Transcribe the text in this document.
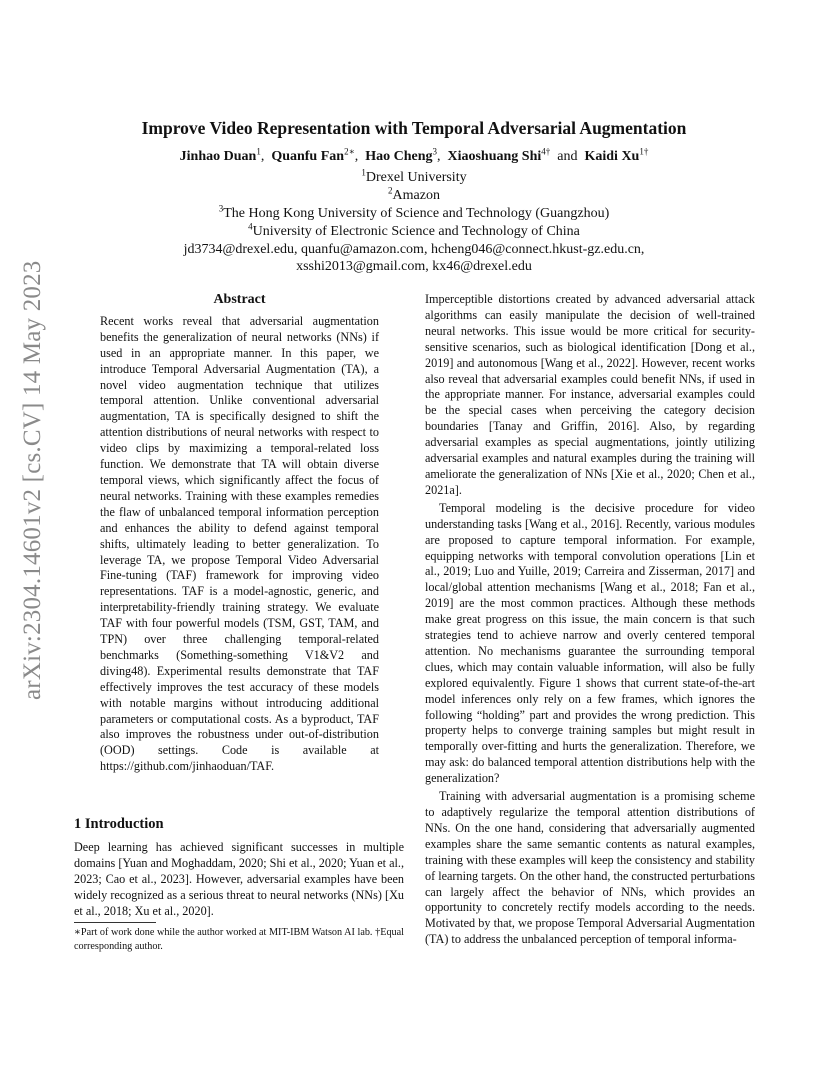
arXiv:2304.14601v2 [cs.CV] 14 May 2023
Improve Video Representation with Temporal Adversarial Augmentation
Jinhao Duan$^1$, Quanfu Fan$^{2∗}$, Hao Cheng$^3$, Xiaoshuang Shi$^{4\dagger}$ and Kaidi $Xu^{1\dagger}$
$^1$Drexel University
$^2$Amazon
$^3$The Hong Kong University of Science and Technology (Guangzhou)
$^4$University of Electronic Science and Technology of China
jd3734@drexel.edu, quanfu@amazon.com, hcheng046@connect.hkust-gz.edu.cn,
xsshi2013@gmail.com, kx46@drexel.edu
Abstract

Recent works reveal that adversarial augmentation benefits the generalization of neural networks (NNs) if used in an appropriate manner. In this paper, we introduce Temporal Adversarial Augmentation (TA), a novel video augmentation technique that utilizes temporal attention. Unlike conventional adversarial augmentation, TA is specifically designed to shift the attention distributions of neural networks with respect to video clips by maximizing a temporal-related loss function. We demonstrate that TA will obtain diverse temporal views, which significantly affect the focus of neural networks. Training with these examples remedies the flaw of unbalanced temporal information perception and enhances the ability to defend against temporal shifts, ultimately leading to better generalization. To leverage TA, we propose Temporal Video Adversarial Fine-tuning (TAF) framework for improving video representations. TAF is a model-agnostic, generic, and interpretability-friendly training strategy. We evaluate TAF with four powerful models (TSM, GST, TAM, and TPN) over three challenging temporal-related benchmarks (Something-something V1&V2 and diving48). Experimental results demonstrate that TAF effectively improves the test accuracy of these models with notable margins without introducing additional parameters or computational costs. As a byproduct, TAF also improves the robustness under out-of-distribution (OOD) settings. Code is available at https://github.com/jinhaoduan/TAF.

1 Introduction

Deep learning has achieved significant successes in multiple domains [Yuan and Moghaddam, 2020; Shi et al., 2020; Yuan et al., 2023; Cao et al., 2023]. However, adversarial examples have been widely recognized as a serious threat to neural networks (NNs) [Xu et al., 2018; Xu et al., 2020].

∗Part of work done while the author worked at MIT-IBM Watson AI lab. †Equal corresponding author.

Imperceptible distortions created by advanced adversarial attack algorithms can easily manipulate the decision of well-trained neural networks. This issue would be more critical for security-sensitive scenarios, such as biological identification [Dong et al., 2019] and autonomous [Wang et al., 2022]. However, recent works also reveal that adversarial examples could benefit NNs, if used in the appropriate manner. For instance, adversarial examples could be the special cases when perceiving the category decision boundaries [Tanay and Griffin, 2016]. Also, by regarding adversarial examples as special augmentations, jointly utilizing adversarial examples and natural examples during the training will ameliorate the generalization of NNs [Xie et al., 2020; Chen et al., 2021a].

Temporal modeling is the decisive procedure for video understanding tasks [Wang et al., 2016]. Recently, various modules are proposed to capture temporal information. For example, equipping networks with temporal convolution operations [Lin et al., 2019; Luo and Yuille, 2019; Carreira and Zisserman, 2017] and local/global attention mechanisms [Wang et al., 2018; Fan et al., 2019] are the most common practices. Although these methods make great progress on this issue, the main concern is that such strategies tend to achieve narrow and overly centered temporal attention. No mechanisms guarantee the surrounding temporal clues, which may contain valuable information, will also be fully explored equivalently. Figure 1 shows that current state-of-the-art model inferences only rely on a few frames, which ignores the following “holding” part and provides the wrong prediction. This property helps to converge training samples but might result in temporally over-fitting and hurts the generalization. Therefore, we may ask: do balanced temporal attention distributions help with the generalization?

Training with adversarial augmentation is a promising scheme to adaptively regularize the temporal attention distributions of NNs. On the one hand, considering that adversarially augmented examples share the same semantic contents as natural examples, training with these examples will keep the consistency and stability of learning targets. On the other hand, the constructed perturbations can largely affect the behavior of NNs, which provides an opportunity to concretely rectify models according to the needs. Motivated by that, we propose Temporal Adversarial Augmentation (TA) to address the unbalanced perception of temporal informa-
